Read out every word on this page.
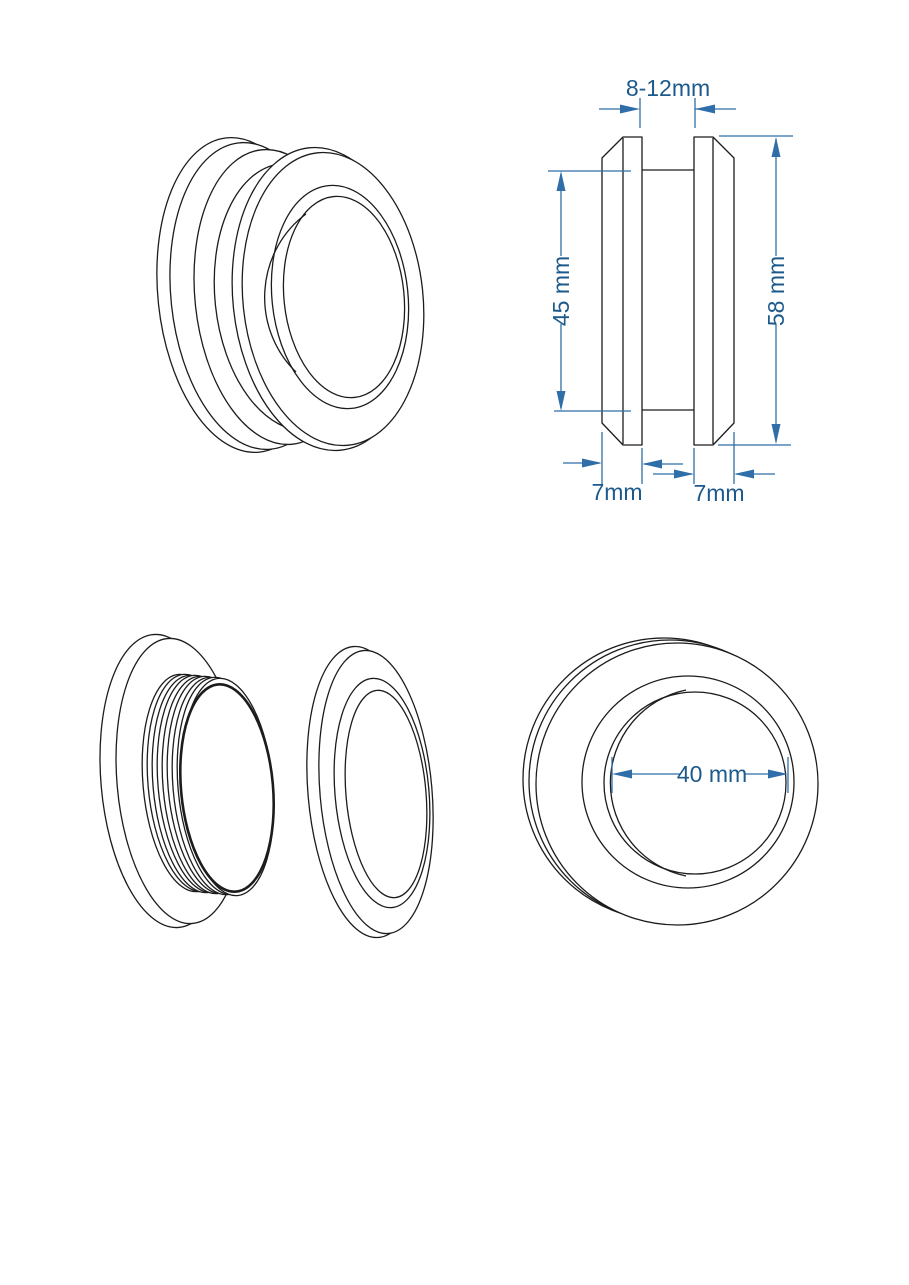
8-12mm
45 mm	58 mm
7mm 7mm
40 mm
